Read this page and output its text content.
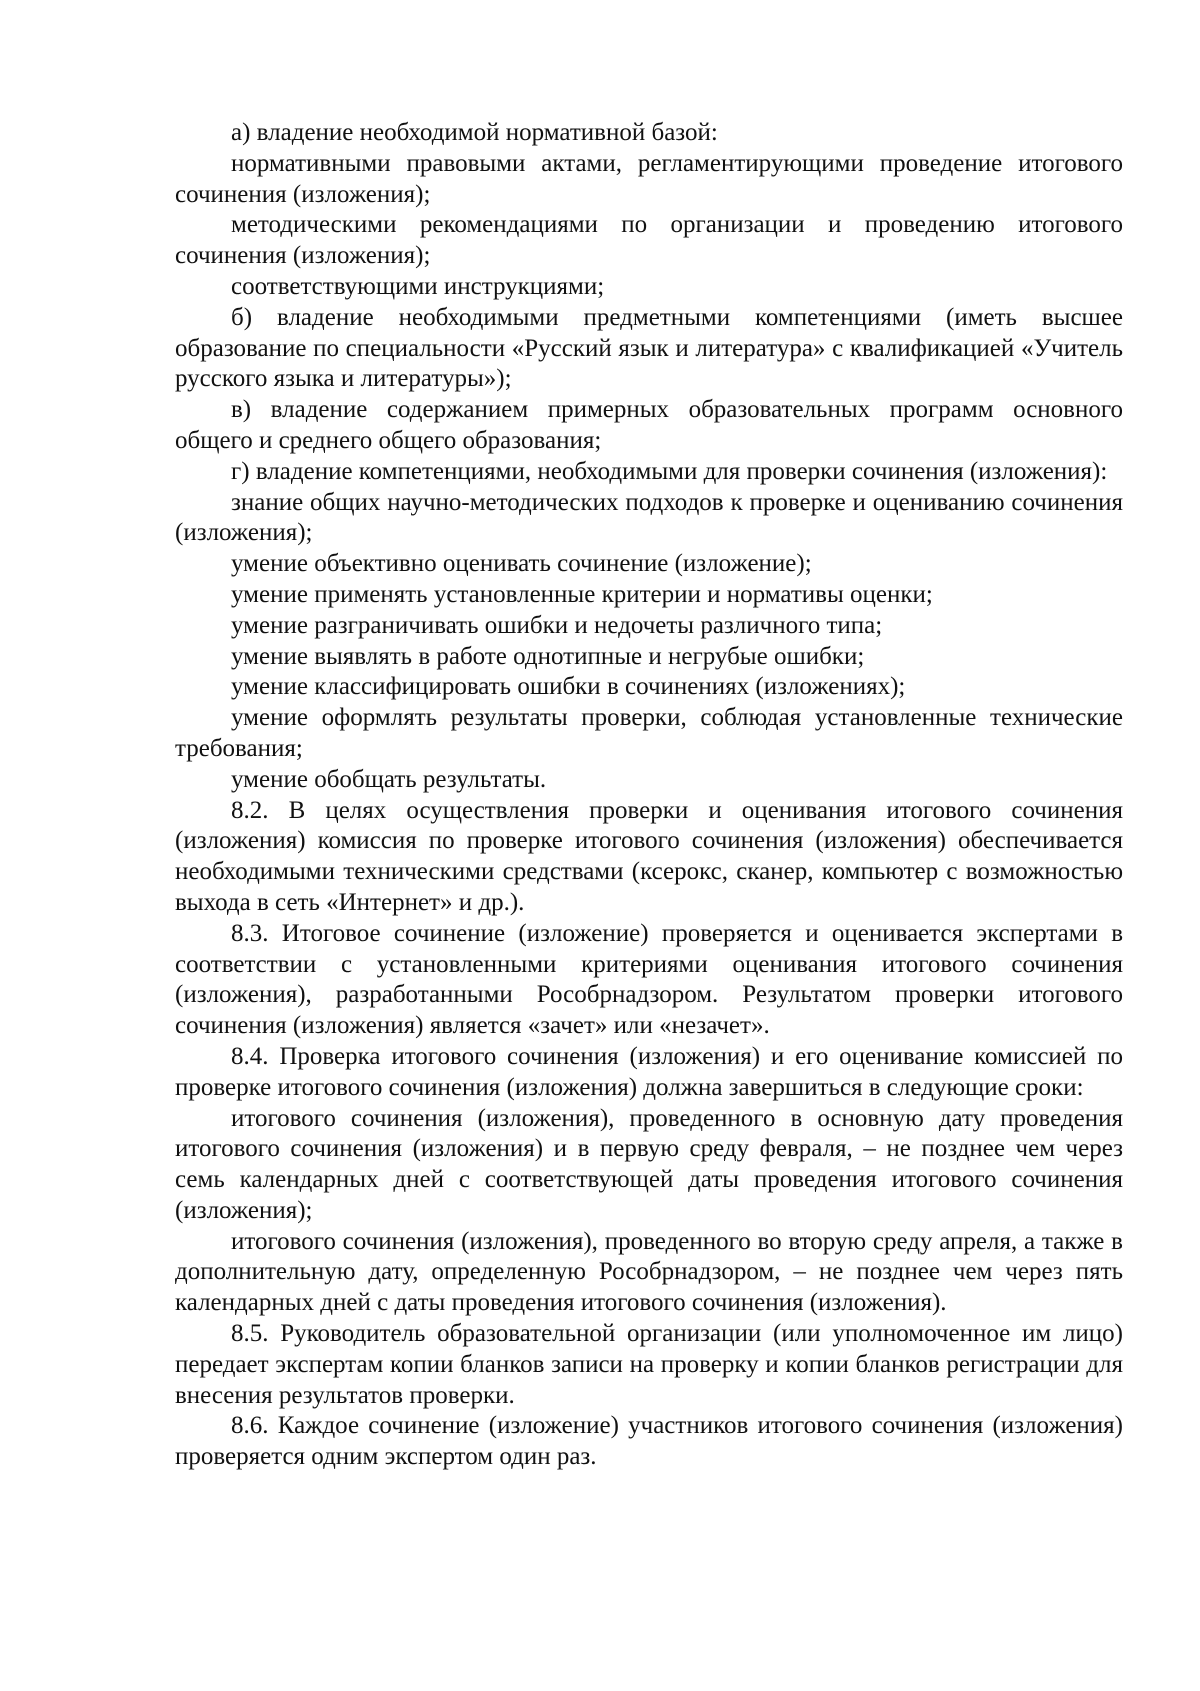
а) владение необходимой нормативной базой:

нормативными правовыми актами, регламентирующими проведение итогового сочинения (изложения);

методическими рекомендациями по организации и проведению итогового сочинения (изложения);

соответствующими инструкциями;

б) владение необходимыми предметными компетенциями (иметь высшее образование по специальности «Русский язык и литература» с квалификацией «Учитель русского языка и литературы»);

в) владение содержанием примерных образовательных программ основного общего и среднего общего образования;

г) владение компетенциями, необходимыми для проверки сочинения (изложения):

знание общих научно-методических подходов к проверке и оцениванию сочинения (изложения);

умение объективно оценивать сочинение (изложение);

умение применять установленные критерии и нормативы оценки;

умение разграничивать ошибки и недочеты различного типа;

умение выявлять в работе однотипные и негрубые ошибки;

умение классифицировать ошибки в сочинениях (изложениях);

умение оформлять результаты проверки, соблюдая установленные технические требования;

умение обобщать результаты.

8.2. В целях осуществления проверки и оценивания итогового сочинения (изложения) комиссия по проверке итогового сочинения (изложения) обеспечивается необходимыми техническими средствами (ксерокс, сканер, компьютер с возможностью выхода в сеть «Интернет» и др.).

8.3. Итоговое сочинение (изложение) проверяется и оценивается экспертами в соответствии с установленными критериями оценивания итогового сочинения (изложения), разработанными Рособрнадзором. Результатом проверки итогового сочинения (изложения) является «зачет» или «незачет».

8.4. Проверка итогового сочинения (изложения) и его оценивание комиссией по проверке итогового сочинения (изложения) должна завершиться в следующие сроки:

итогового сочинения (изложения), проведенного в основную дату проведения итогового сочинения (изложения) и в первую среду февраля, – не позднее чем через семь календарных дней с соответствующей даты проведения итогового сочинения (изложения);

итогового сочинения (изложения), проведенного во вторую среду апреля, а также в дополнительную дату, определенную Рособрнадзором, – не позднее чем через пять календарных дней с даты проведения итогового сочинения (изложения).

8.5. Руководитель образовательной организации (или уполномоченное им лицо) передает экспертам копии бланков записи на проверку и копии бланков регистрации для внесения результатов проверки.

8.6. Каждое сочинение (изложение) участников итогового сочинения (изложения) проверяется одним экспертом один раз.
